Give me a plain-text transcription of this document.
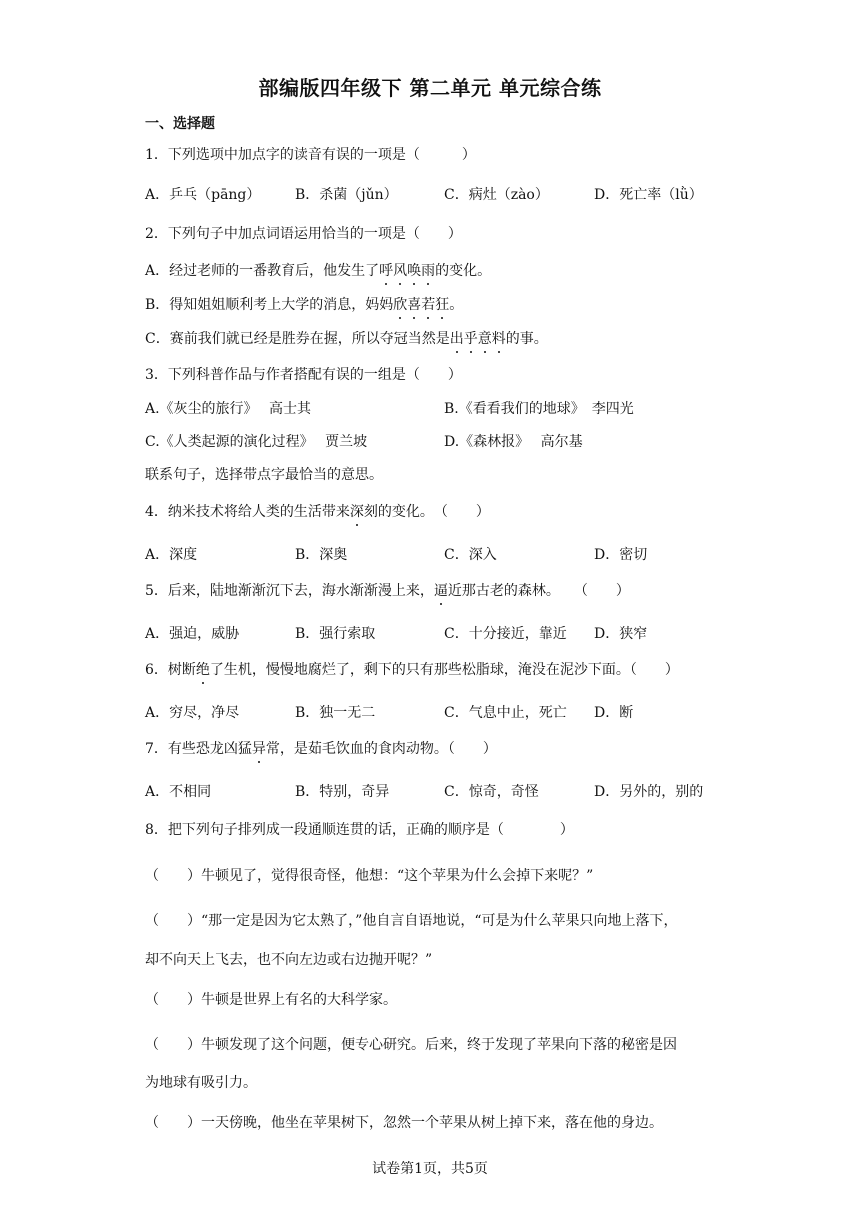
部编版四年级下 第二单元 单元综合练
一、选择题
1．下列选项中加点字的读音有误的一项是（　　　）
A．乒乓（pāng） B．杀菌（jǔn）	C．病灶（zào）	D．死亡率（lǜ）
2．下列句子中加点词语运用恰当的一项是（　　）
A．经过老师的一番教育后，他发生了呼风唤雨的变化。
B．得知姐姐顺利考上大学的消息，妈妈欣喜若狂。
C．赛前我们就已经是胜券在握，所以夺冠当然是出乎意料的事。
3．下列科普作品与作者搭配有误的一组是（　　）
A.《灰尘的旅行》　 高士其	B.《看看我们的地球》　李四光
C.《人类起源的演化过程》　 贾兰坡	D.《森林报》　 高尔基
联系句子，选择带点字最恰当的意思。
4．纳米技术将给人类的生活带来深刻的变化。　（　　）
A．深度	B．深奥	C．深入	D．密切
5．后来，陆地渐渐沉下去，海水渐渐漫上来，逼近那古老的森林。　　（　　）
A．强迫，威胁	B．强行索取	C．十分接近，靠近 D．狭窄
6．树断绝了生机，慢慢地腐烂了，剩下的只有那些松脂球，淹没在泥沙下面。（　　）
A．穷尽，净尽	B．独一无二	C．气息中止，死亡 D．断
7．有些恐龙凶猛异常，是茹毛饮血的食肉动物。（　　）
A．不相同	B．特别，奇异	C．惊奇，奇怪	D．另外的，别的
8．把下列句子排列成一段通顺连贯的话，正确的顺序是（　　　　）
（　　）牛顿见了，觉得很奇怪，他想：“这个苹果为什么会掉下来呢？”
（　　）“那一定是因为它太熟了，”他自言自语地说，“可是为什么苹果只向地上落下，
却不向天上飞去，也不向左边或右边抛开呢？”
（　　）牛顿是世界上有名的大科学家。
（　　）牛顿发现了这个问题，便专心研究。后来，终于发现了苹果向下落的秘密是因
为地球有吸引力。
（　　）一天傍晚，他坐在苹果树下，忽然一个苹果从树上掉下来，落在他的身边。
试卷第1页，共5页
